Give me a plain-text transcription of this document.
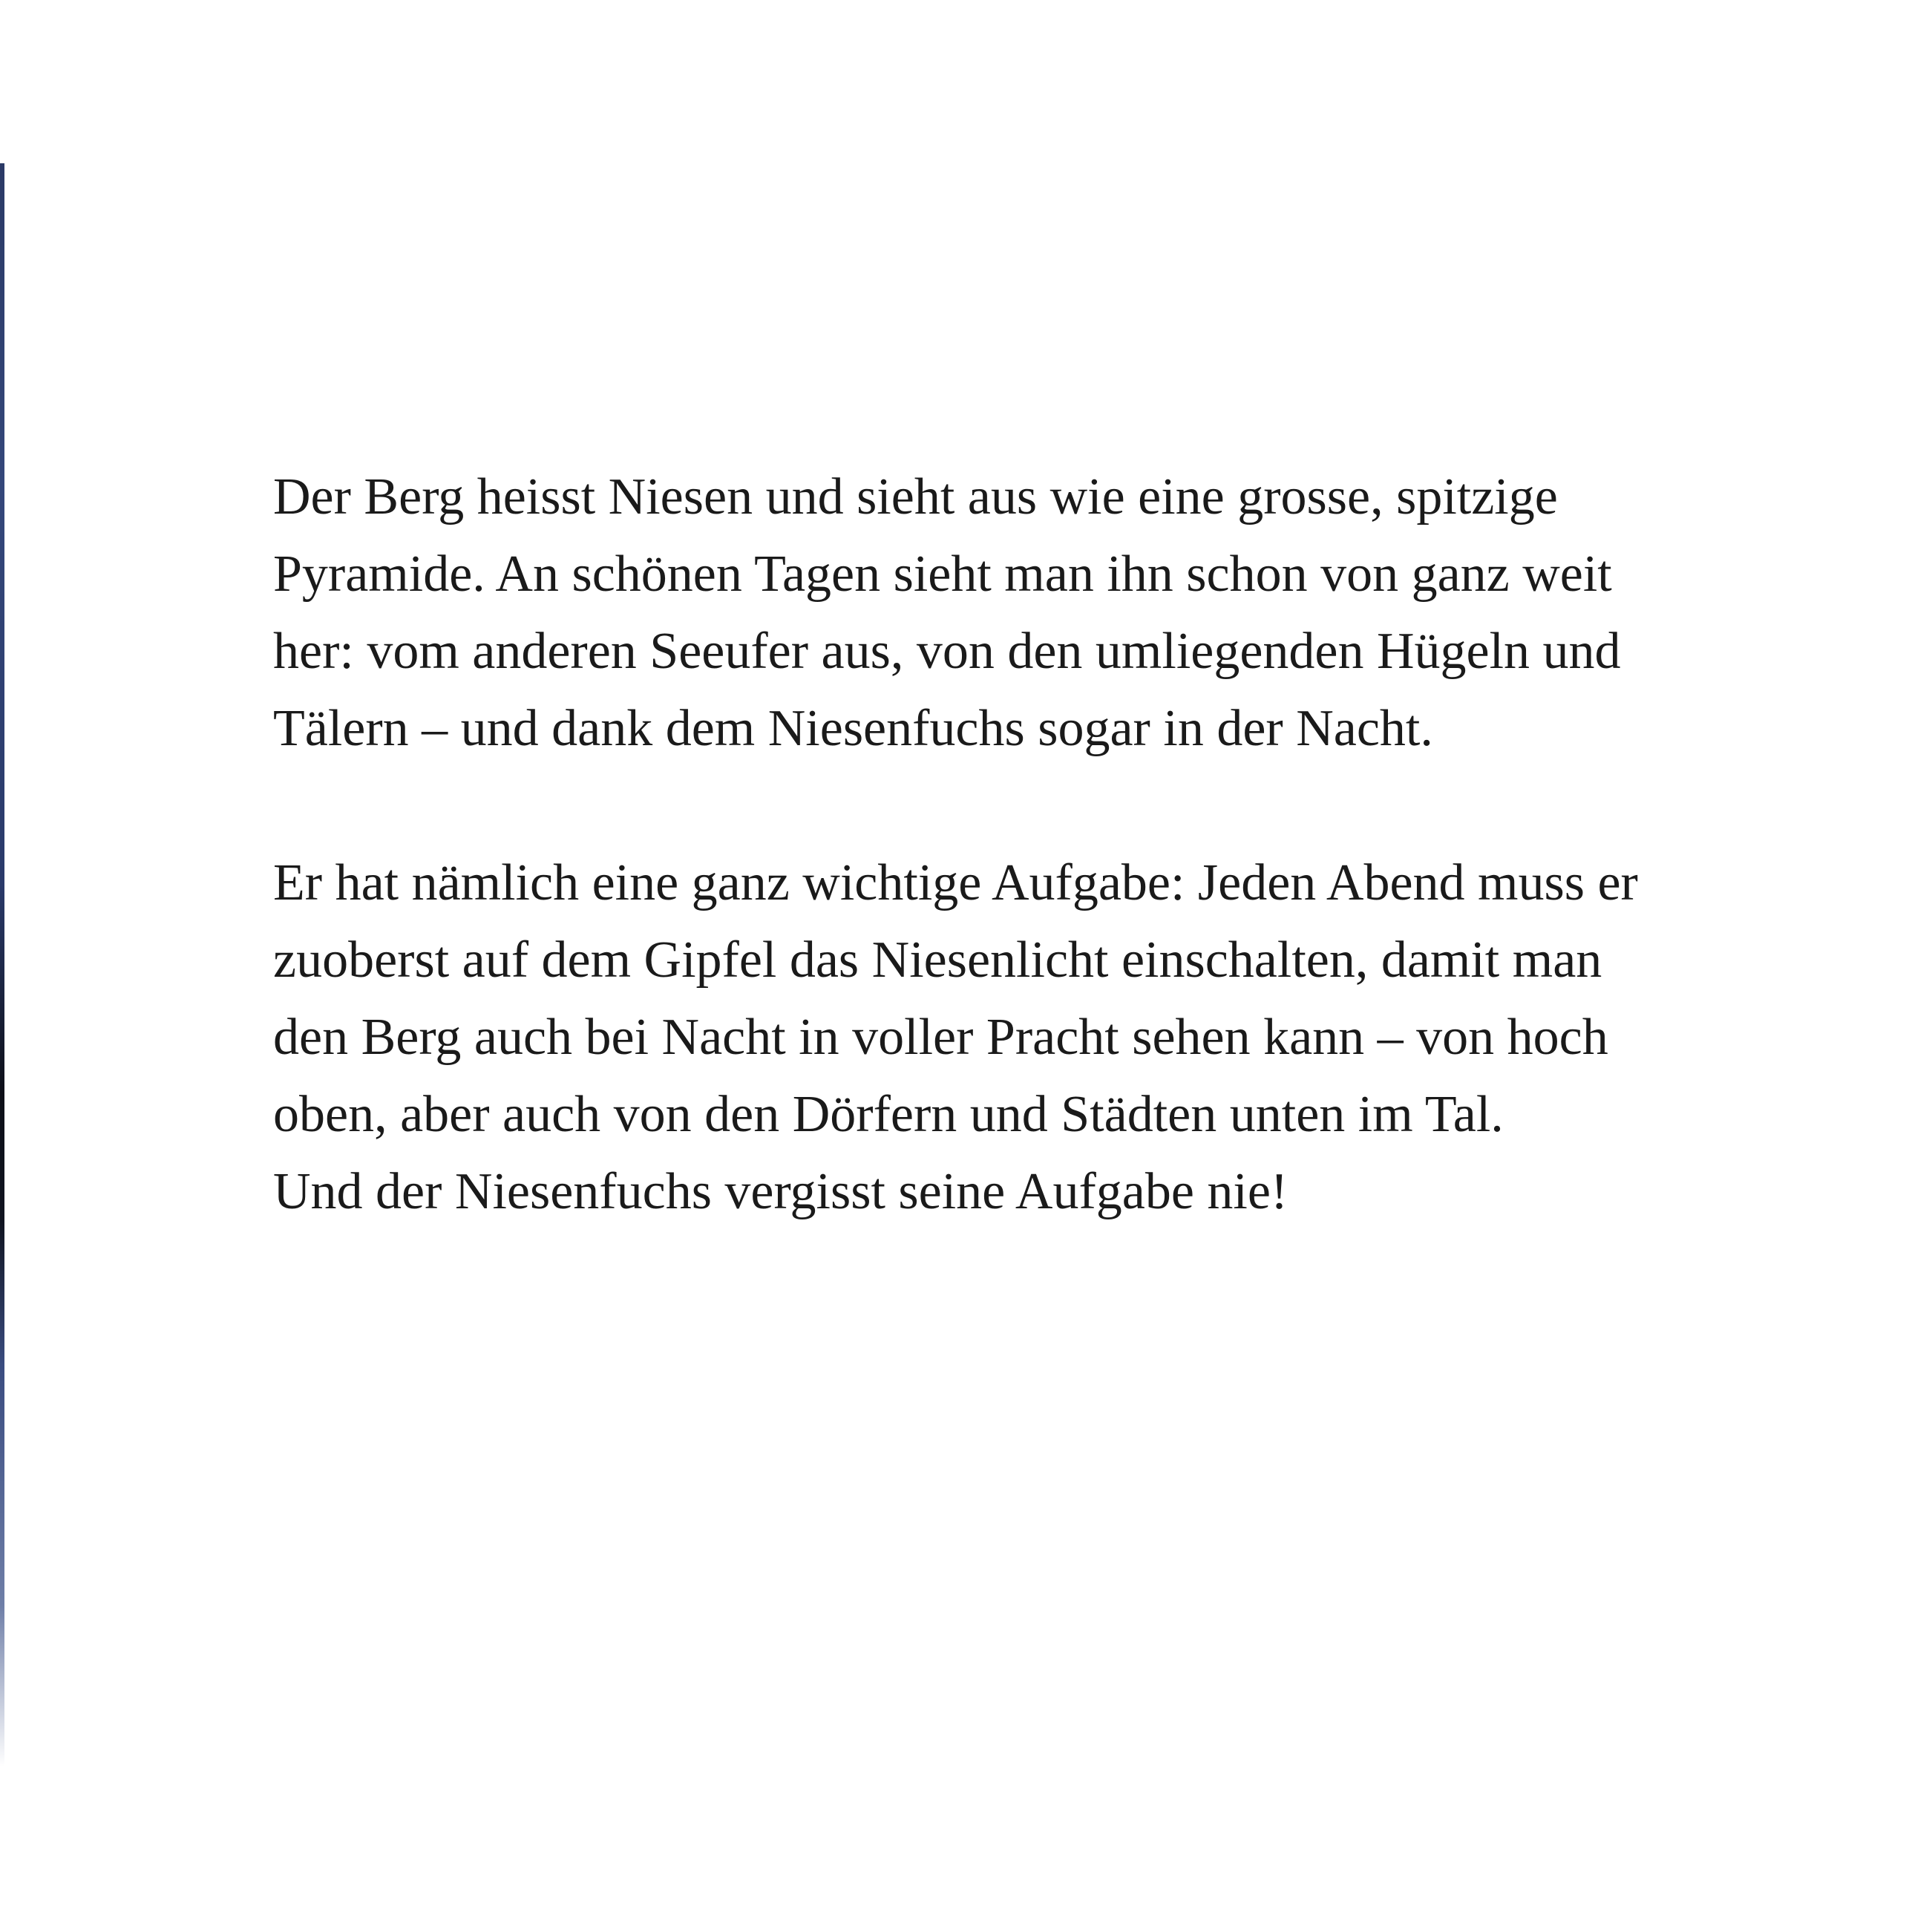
Der Berg heisst Niesen und sieht aus wie eine grosse, spitzige
Pyramide. An schönen Tagen sieht man ihn schon von ganz weit
her: vom anderen Seeufer aus, von den umliegenden Hügeln und
Tälern – und dank dem Niesenfuchs sogar in der Nacht.

Er hat nämlich eine ganz wichtige Aufgabe: Jeden Abend muss er
zuoberst auf dem Gipfel das Niesenlicht einschalten, damit man
den Berg auch bei Nacht in voller Pracht sehen kann – von hoch
oben, aber auch von den Dörfern und Städten unten im Tal.
Und der Niesenfuchs vergisst seine Aufgabe nie!
